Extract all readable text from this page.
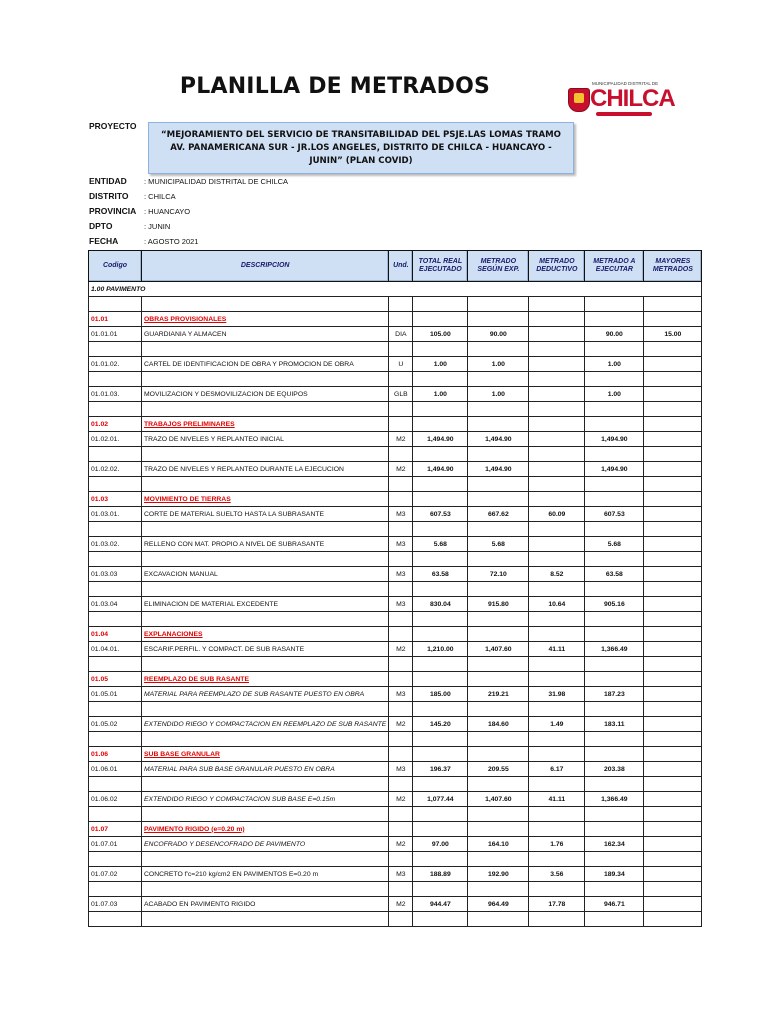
PLANILLA DE METRADOS	MUNICIPALIDAD DISTRITAL DE
CHILCA
PROYECTO
“MEJORAMIENTO DEL SERVICIO DE TRANSITABILIDAD DEL PSJE.LAS LOMAS TRAMO AV. PANAMERICANA SUR - JR.LOS ANGELES, DISTRITO DE CHILCA - HUANCAYO - JUNIN” (PLAN COVID)
ENTIDAD : MUNICIPALIDAD DISTRITAL DE CHILCA
DISTRITO : CHILCA
PROVINCIA : HUANCAYO
DPTO	: JUNIN
FECHA	: AGOSTO 2021
Codigo	DESCRIPCION	Und.	TOTAL REAL EJECUTADO	METRADO SEGÚN EXP.	METRADO DEDUCTIVO	METRADO A EJECUTAR	MAYORES METRADOS
1.00 PAVIMENTO							

01.01	OBRAS PROVISIONALES						
01.01.01	GUARDIANIA Y ALMACEN	DIA	105.00	90.00		90.00	15.00

01.01.02.	CARTEL DE IDENTIFICACION DE OBRA Y PROMOCION DE OBRA	U	1.00	1.00		1.00	

01.01.03.	MOVILIZACION Y DESMOVILIZACION DE EQUIPOS	GLB	1.00	1.00		1.00	

01.02	TRABAJOS PRELIMINARES						
01.02.01.	TRAZO DE NIVELES Y REPLANTEO INICIAL	M2	1,494.90	1,494.90		1,494.90	

01.02.02.	TRAZO DE NIVELES Y REPLANTEO DURANTE LA EJECUCION	M2	1,494.90	1,494.90		1,494.90	

01.03	MOVIMIENTO DE TIERRAS						
01.03.01.	CORTE DE MATERIAL SUELTO HASTA LA SUBRASANTE	M3	607.53	667.62	60.09	607.53	

01.03.02.	RELLENO CON MAT. PROPIO A NIVEL DE SUBRASANTE	M3	5.68	5.68		5.68	

01.03.03	EXCAVACION MANUAL	M3	63.58	72.10	8.52	63.58	

01.03.04	ELIMINACION DE MATERIAL EXCEDENTE	M3	830.04	915.80	10.64	905.16	

01.04	EXPLANACIONES						
01.04.01.	ESCARIF.PERFIL. Y COMPACT. DE SUB RASANTE	M2	1,210.00	1,407.60	41.11	1,366.49	

01.05	REEMPLAZO DE SUB RASANTE						
01.05.01	MATERIAL PARA REEMPLAZO DE SUB RASANTE PUESTO EN OBRA	M3	185.00	219.21	31.98	187.23	

01.05.02	EXTENDIDO RIEGO Y COMPACTACION EN REEMPLAZO DE SUB RASANTE	M2	145.20	184.60	1.49	183.11	

01.06	SUB BASE GRANULAR						
01.06.01	MATERIAL PARA SUB BASE GRANULAR PUESTO EN OBRA	M3	196.37	209.55	6.17	203.38	

01.06.02	EXTENDIDO RIEGO Y COMPACTACION SUB BASE E=0.15m	M2	1,077.44	1,407.60	41.11	1,366.49	

01.07	PAVIMENTO RIGIDO (e=0.20 m)						
01.07.01	ENCOFRADO Y DESENCOFRADO DE PAVIMENTO	M2	97.00	164.10	1.76	162.34	

01.07.02	CONCRETO f'c=210 kg/cm2 EN PAVIMENTOS E=0.20 m	M3	188.89	192.90	3.56	189.34	

01.07.03	ACABADO EN PAVIMENTO RIGIDO	M2	944.47	964.49	17.78	946.71	
